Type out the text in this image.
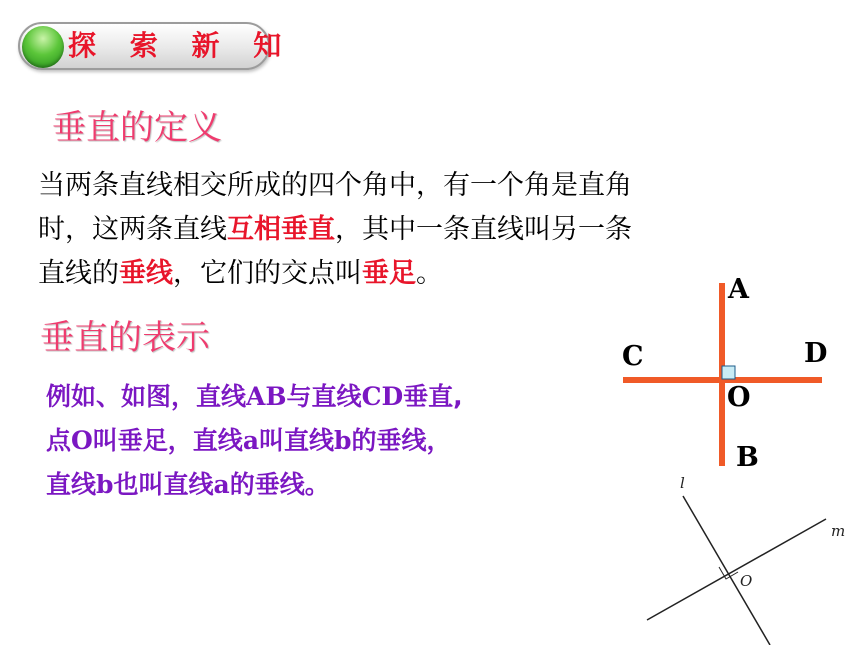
探 索 新 知
垂直的定义
当两条直线相交所成的四个角中，有一个角是直角
时，这两条直线互相垂直，其中一条直线叫另一条
直线的垂线，它们的交点叫垂足。
垂直的表示
例如、如图，直线AB与直线CD垂直,
点O叫垂足，直线a叫直线b的垂线，
直线b也叫直线a的垂线。
A
C	D
O
B
l
m
O
